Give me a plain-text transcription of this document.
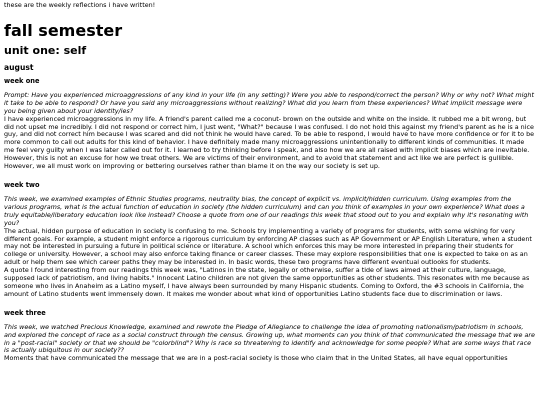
these are the weekly reflections i have written!

fall semester
unit one: self
august
week one

Prompt: Have you experienced microaggressions of any kind in your life (in any setting)? Were you able to respond/correct the person? Why or why not? What might it take to be able to respond? Or have you said any microaggressions without realizing? What did you learn from these experiences? What implicit message were you being given about your identity/ies?

I have experienced microaggressions in my life. A friend's parent called me a coconut- brown on the outside and white on the inside. It rubbed me a bit wrong, but did not upset me incredibly. I did not respond or correct him, I just went, "What?" because I was confused. I do not hold this against my friend's parent as he is a nice guy, and did not correct him because I was scared and did not think he would have cared. To be able to respond, I would have to have more confidence or for it to be more common to call out adults for this kind of behavior. I have definitely made many microaggressions unintentionally to different kinds of communities. It made me feel very guilty when I was later called out for it. I learned to try thinking before I speak, and also how we are all raised with implicit biases which are inevitable. However, this is not an excuse for how we treat others. We are victims of their environment, and to avoid that statement and act like we are perfect is gullible. However, we all must work on improving or bettering ourselves rather than blame it on the way our society is set up.

week two

This week, we examined examples of Ethnic Studies programs, neutrality bias, the concept of explicit vs. implicit/hidden curriculum. Using examples from the various programs, what is the actual function of education in society (the hidden curriculum) and can you think of examples in your own experience? What does a truly equitable/liberatory education look like instead? Choose a quote from one of our readings this week that stood out to you and explain why it's resonating with you?

The actual, hidden purpose of education in society is confusing to me. Schools try implementing a variety of programs for students, with some wishing for very different goals. For example, a student might enforce a rigorous curriculum by enforcing AP classes such as AP Government or AP English Literature, when a student may not be interested in pursuing a future in political science or literature. A school which enforces this may be more interested in preparing their students for college or university. However, a school may also enforce taking finance or career classes. These may explore responsibilities that one is expected to take on as an adult or help them see which career paths they may be interested in. In basic words, these two programs have different eventual outlooks for students.

A quote I found interesting from our readings this week was, "Latinos in the state, legally or otherwise, suffer a tide of laws aimed at their culture, language, supposed lack of patriotism, and living habits." Innocent Latino children are not given the same opportunities as other students. This resonates with me because as someone who lives in Anaheim as a Latino myself, I have always been surrounded by many Hispanic students. Coming to Oxford, the #3 schools in California, the amount of Latino students went immensely down. It makes me wonder about what kind of opportunities Latino students face due to discrimination or laws.

week three

This week, we watched Precious Knowledge, examined and rewrote the Pledge of Allegiance to challenge the idea of promoting nationalism/patriotism in schools, and explored the concept of race as a social construct through the census. Growing up, what moments can you think of that communicated the message that we are in a "post-racial" society or that we should be "colorblind"? Why is race so threatening to identify and acknowledge for some people? What are some ways that race is actually ubiquitous in our society??

Moments that have communicated the message that we are in a post-racial society is those who claim that in the United States, all have equal opportunities
